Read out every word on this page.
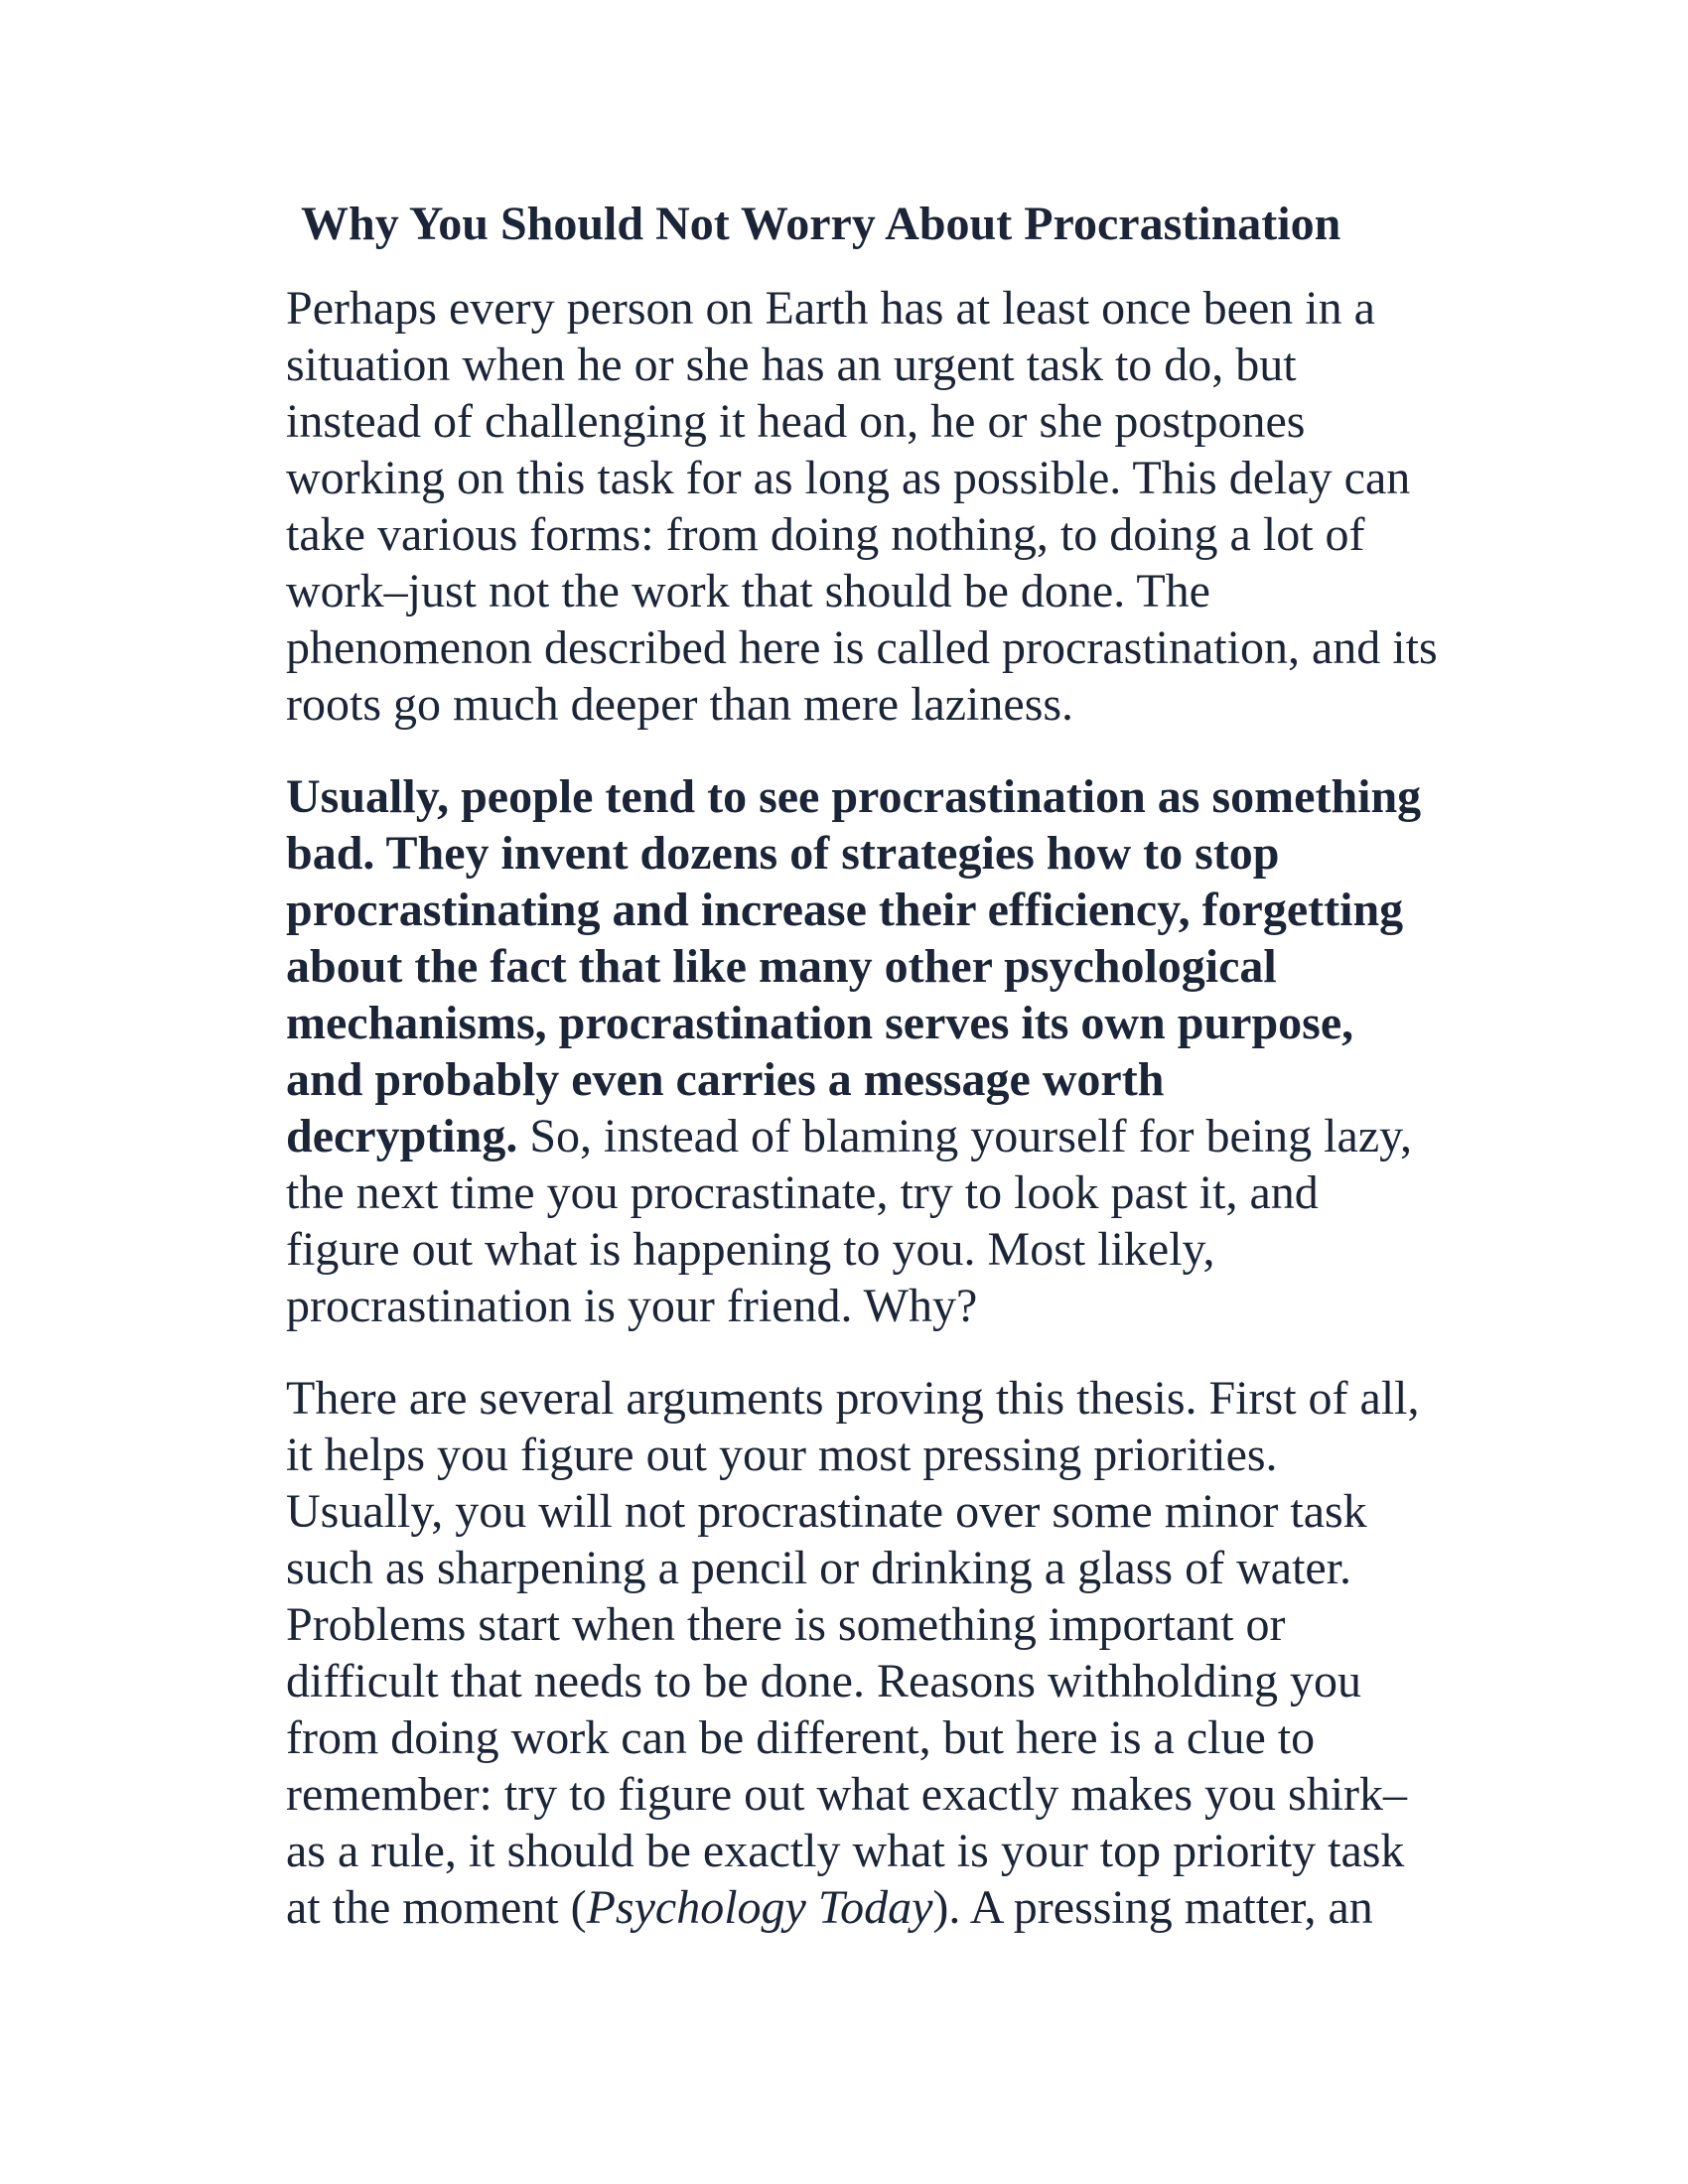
Why You Should Not Worry About Procrastination

Perhaps every person on Earth has at least once been in a
situation when he or she has an urgent task to do, but
instead of challenging it head on, he or she postpones
working on this task for as long as possible. This delay can
take various forms: from doing nothing, to doing a lot of
work–just not the work that should be done. The
phenomenon described here is called procrastination, and its
roots go much deeper than mere laziness.

Usually, people tend to see procrastination as something
bad. They invent dozens of strategies how to stop
procrastinating and increase their efficiency, forgetting
about the fact that like many other psychological
mechanisms, procrastination serves its own purpose,
and probably even carries a message worth
decrypting. So, instead of blaming yourself for being lazy,
the next time you procrastinate, try to look past it, and
figure out what is happening to you. Most likely,
procrastination is your friend. Why?

There are several arguments proving this thesis. First of all,
it helps you figure out your most pressing priorities.
Usually, you will not procrastinate over some minor task
such as sharpening a pencil or drinking a glass of water.
Problems start when there is something important or
difficult that needs to be done. Reasons withholding you
from doing work can be different, but here is a clue to
remember: try to figure out what exactly makes you shirk–
as a rule, it should be exactly what is your top priority task
at the moment (Psychology Today). A pressing matter, an
